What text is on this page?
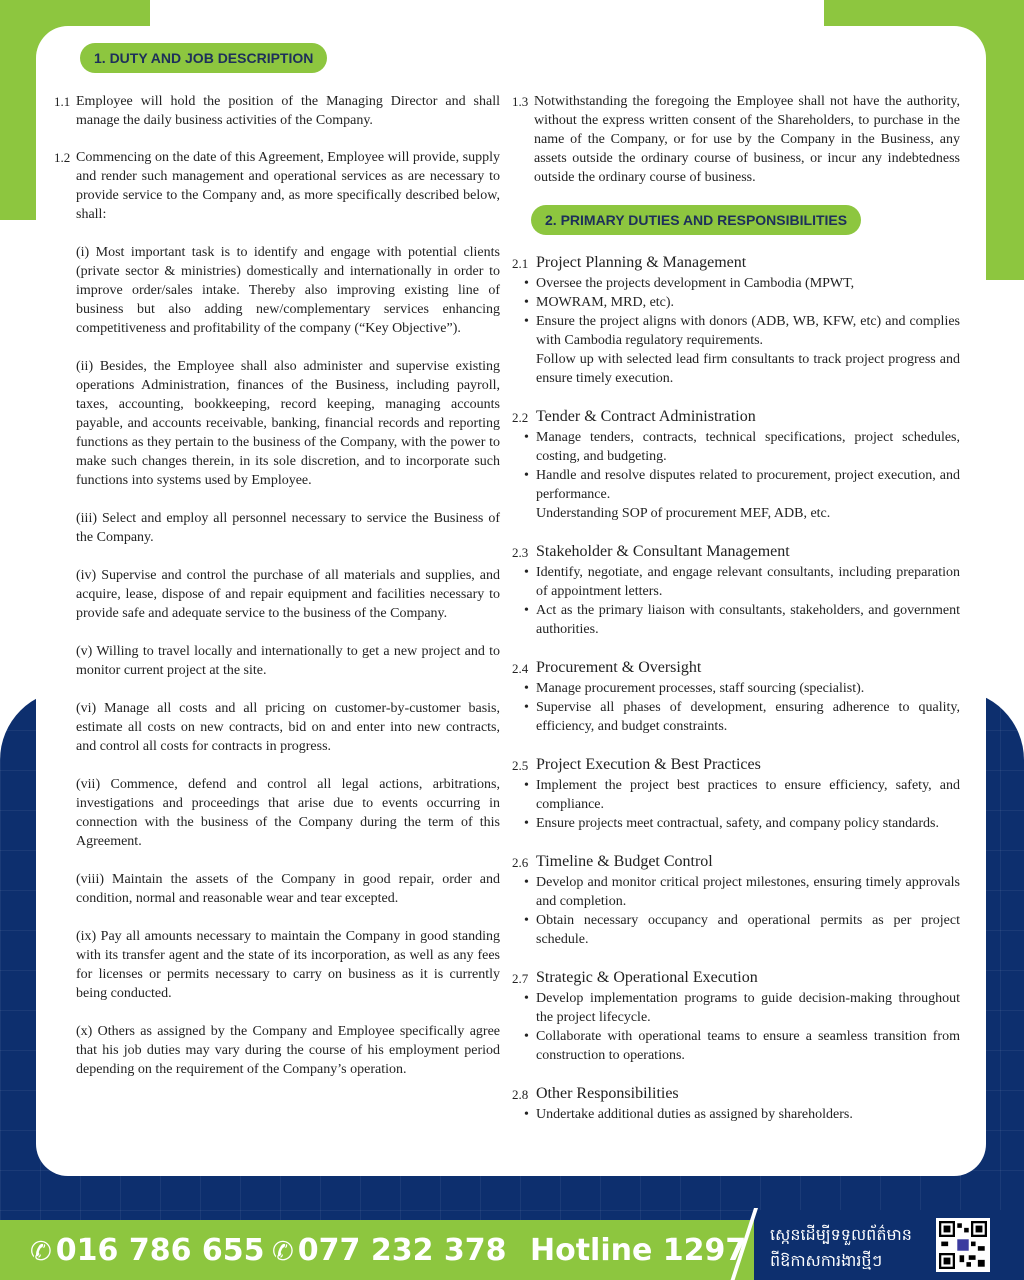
1. DUTY AND JOB DESCRIPTION
2. PRIMARY DUTIES AND RESPONSIBILITIES
1.1 Employee will hold the position of the Managing Director and shall manage the daily business activities of the Company.
1.2 Commencing on the date of this Agreement, Employee will provide, supply and render such management and operational services as are necessary to provide service to the Company and, as more specifically described below, shall:

(i) Most important task is to identify and engage with potential clients (private sector & ministries) domestically and internationally in order to improve order/sales intake. Thereby also improving existing line of business but also adding new/complementary services enhancing competitiveness and profitability of the company (“Key Objective”).

(ii) Besides, the Employee shall also administer and supervise existing operations Administration, finances of the Business, including payroll, taxes, accounting, bookkeeping, record keeping, managing accounts payable, and accounts receivable, banking, financial records and reporting functions as they pertain to the business of the Company, with the power to make such changes therein, in its sole discretion, and to incorporate such functions into systems used by Employee.

(iii) Select and employ all personnel necessary to service the Business of the Company.

(iv) Supervise and control the purchase of all materials and supplies, and acquire, lease, dispose of and repair equipment and facilities necessary to provide safe and adequate service to the business of the Company.

(v) Willing to travel locally and internationally to get a new project and to monitor current project at the site.

(vi) Manage all costs and all pricing on customer-by-customer basis, estimate all costs on new contracts, bid on and enter into new contracts, and control all costs for contracts in progress.

(vii) Commence, defend and control all legal actions, arbitrations, investigations and proceedings that arise due to events occurring in connection with the business of the Company during the term of this Agreement.

(viii) Maintain the assets of the Company in good repair, order and condition, normal and reasonable wear and tear excepted.

(ix) Pay all amounts necessary to maintain the Company in good standing with its transfer agent and the state of its incorporation, as well as any fees for licenses or permits necessary to carry on business as it is currently being conducted.

(x) Others as assigned by the Company and Employee specifically agree that his job duties may vary during the course of his employment period depending on the requirement of the Company’s operation.

1.3 Notwithstanding the foregoing the Employee shall not have the authority, without the express written consent of the Shareholders, to purchase in the name of the Company, or for use by the Company in the Business, any assets outside the ordinary course of business, or incur any indebtedness outside the ordinary course of business.
2.1 Project Planning & Management
• Oversee the projects development in Cambodia (MPWT,
• MOWRAM, MRD, etc).
• Ensure the project aligns with donors (ADB, WB, KFW, etc) and complies with Cambodia regulatory requirements.
Follow up with selected lead firm consultants to track project progress and ensure timely execution.
2.2 Tender & Contract Administration
• Manage tenders, contracts, technical specifications, project schedules, costing, and budgeting.
• Handle and resolve disputes related to procurement, project execution, and performance.
Understanding SOP of procurement MEF, ADB, etc.
2.3 Stakeholder & Consultant Management
• Identify, negotiate, and engage relevant consultants, including preparation of appointment letters.
• Act as the primary liaison with consultants, stakeholders, and government authorities.
2.4 Procurement & Oversight
• Manage procurement processes, staff sourcing (specialist).
• Supervise all phases of development, ensuring adherence to quality, efficiency, and budget constraints.
2.5 Project Execution & Best Practices
• Implement the project best practices to ensure efficiency, safety, and compliance.
• Ensure projects meet contractual, safety, and company policy standards.
2.6 Timeline & Budget Control
• Develop and monitor critical project milestones, ensuring timely approvals and completion.
• Obtain necessary occupancy and operational permits as per project schedule.
2.7 Strategic & Operational Execution
• Develop implementation programs to guide decision-making throughout the project lifecycle.
• Collaborate with operational teams to ensure a seamless transition from construction to operations.
2.8 Other Responsibilities
• Undertake additional duties as assigned by shareholders.
✆ 016 786 655 ✆ 077 232 378 Hotline 1297 ស្កេនដើម្បីទទួលព័ត៌មាន
ពីឱកាសការងារថ្មីៗ
